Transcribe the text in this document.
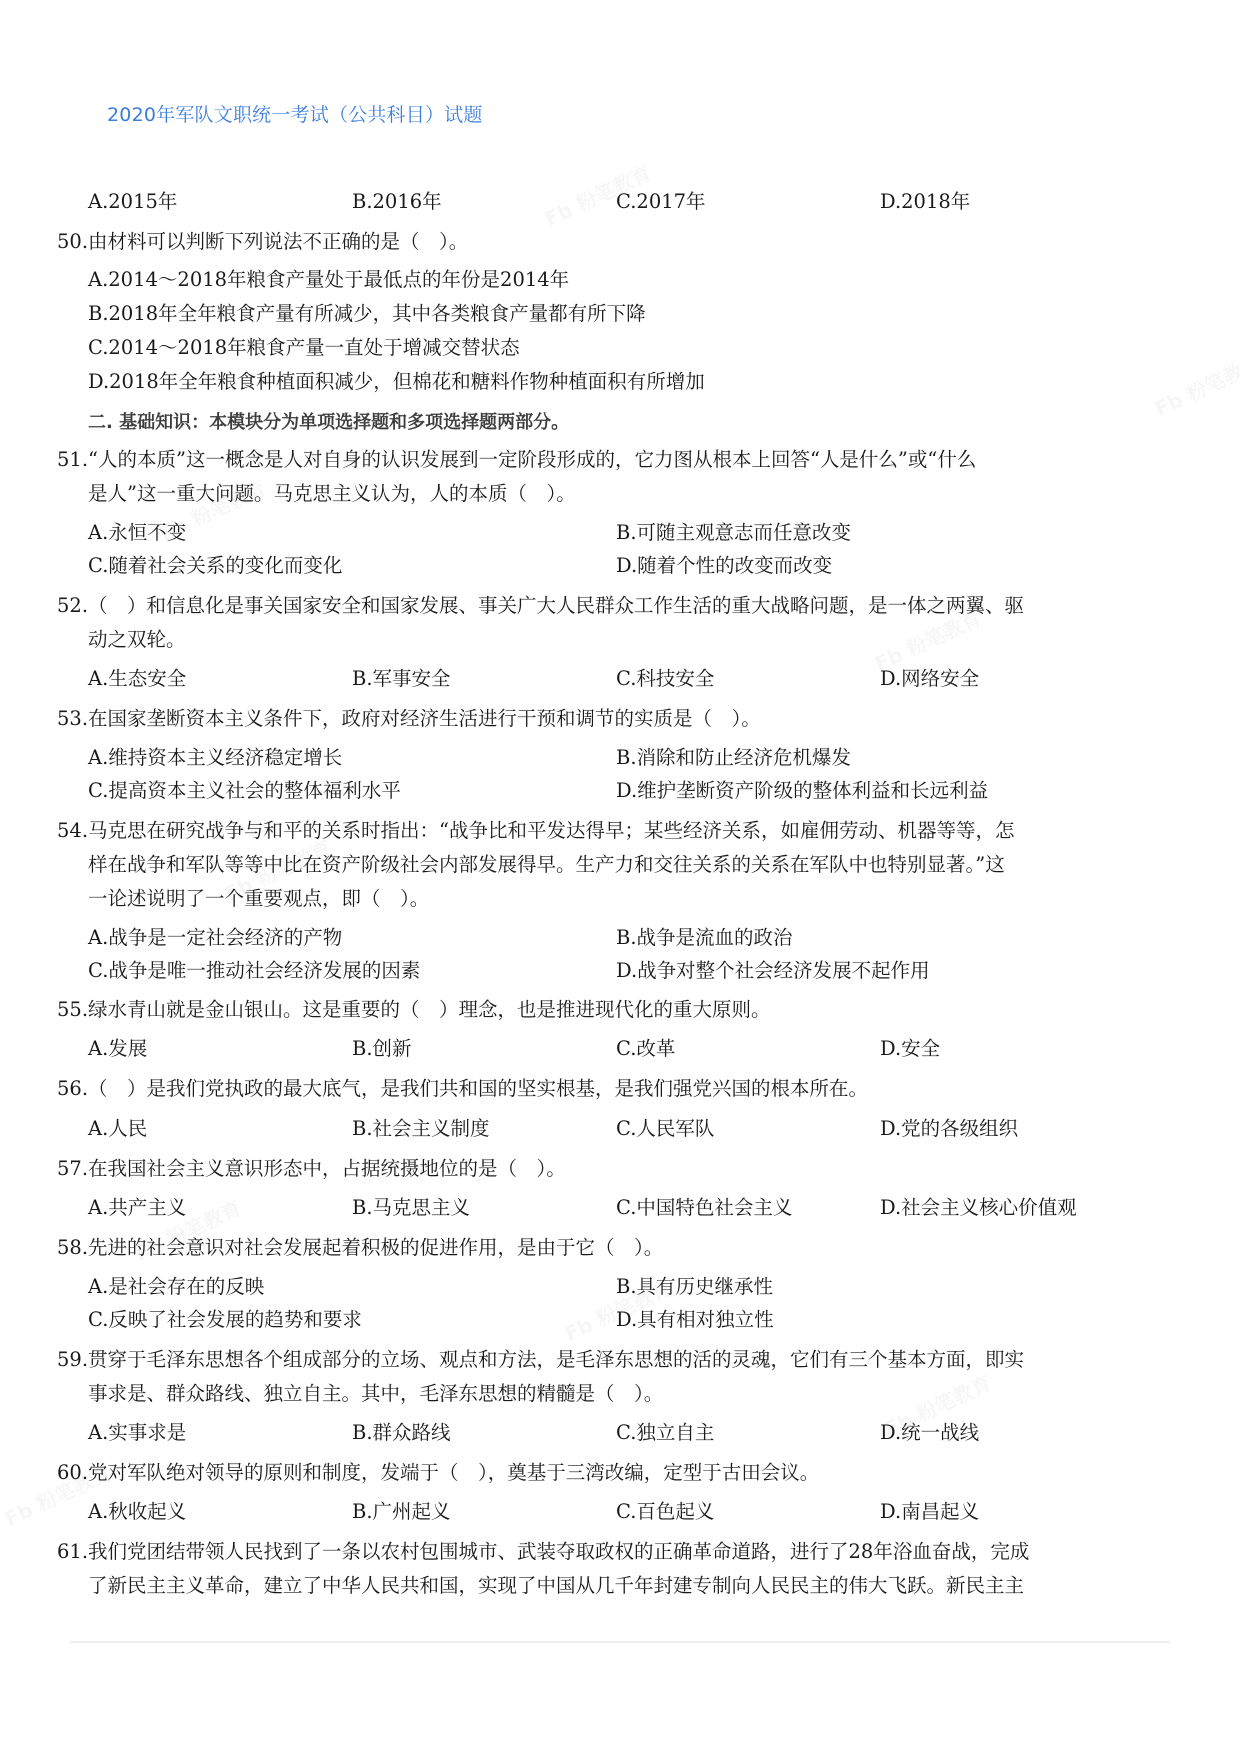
2020年军队文职统一考试（公共科目）试题
A.2015年	B.2016年	C.2017年	D.2018年
50.由材料可以判断下列说法不正确的是（　）。
A.2014～2018年粮食产量处于最低点的年份是2014年
B.2018年全年粮食产量有所减少，其中各类粮食产量都有所下降
C.2014～2018年粮食产量一直处于增减交替状态
D.2018年全年粮食种植面积减少，但棉花和糖料作物种植面积有所增加
二. 基础知识：本模块分为单项选择题和多项选择题两部分。
51.“人的本质”这一概念是人对自身的认识发展到一定阶段形成的，它力图从根本上回答“人是什么”或“什么
是人”这一重大问题。马克思主义认为，人的本质（　）。
A.永恒不变	B.可随主观意志而任意改变
C.随着社会关系的变化而变化	D.随着个性的改变而改变
52.（　）和信息化是事关国家安全和国家发展、事关广大人民群众工作生活的重大战略问题，是一体之两翼、驱
动之双轮。
A.生态安全	B.军事安全	C.科技安全	D.网络安全
53.在国家垄断资本主义条件下，政府对经济生活进行干预和调节的实质是（　）。
A.维持资本主义经济稳定增长	B.消除和防止经济危机爆发
C.提高资本主义社会的整体福利水平	D.维护垄断资产阶级的整体利益和长远利益
54.马克思在研究战争与和平的关系时指出：“战争比和平发达得早；某些经济关系，如雇佣劳动、机器等等，怎
样在战争和军队等等中比在资产阶级社会内部发展得早。生产力和交往关系的关系在军队中也特别显著。”这
一论述说明了一个重要观点，即（　）。
A.战争是一定社会经济的产物	B.战争是流血的政治
C.战争是唯一推动社会经济发展的因素	D.战争对整个社会经济发展不起作用
55.绿水青山就是金山银山。这是重要的（　）理念，也是推进现代化的重大原则。
A.发展	B.创新	C.改革	D.安全
56.（　）是我们党执政的最大底气，是我们共和国的坚实根基，是我们强党兴国的根本所在。
A.人民	B.社会主义制度	C.人民军队	D.党的各级组织
57.在我国社会主义意识形态中，占据统摄地位的是（　）。
A.共产主义	B.马克思主义	C.中国特色社会主义	D.社会主义核心价值观
58.先进的社会意识对社会发展起着积极的促进作用，是由于它（　）。
A.是社会存在的反映	B.具有历史继承性
C.反映了社会发展的趋势和要求	D.具有相对独立性
59.贯穿于毛泽东思想各个组成部分的立场、观点和方法，是毛泽东思想的活的灵魂，它们有三个基本方面，即实
事求是、群众路线、独立自主。其中，毛泽东思想的精髓是（　）。
A.实事求是	B.群众路线	C.独立自主	D.统一战线
60.党对军队绝对领导的原则和制度，发端于（　），奠基于三湾改编，定型于古田会议。
A.秋收起义	B.广州起义	C.百色起义	D.南昌起义
61.我们党团结带领人民找到了一条以农村包围城市、武装夺取政权的正确革命道路，进行了28年浴血奋战，完成
了新民主主义革命，建立了中华人民共和国，实现了中国从几千年封建专制向人民民主的伟大飞跃。新民主主
